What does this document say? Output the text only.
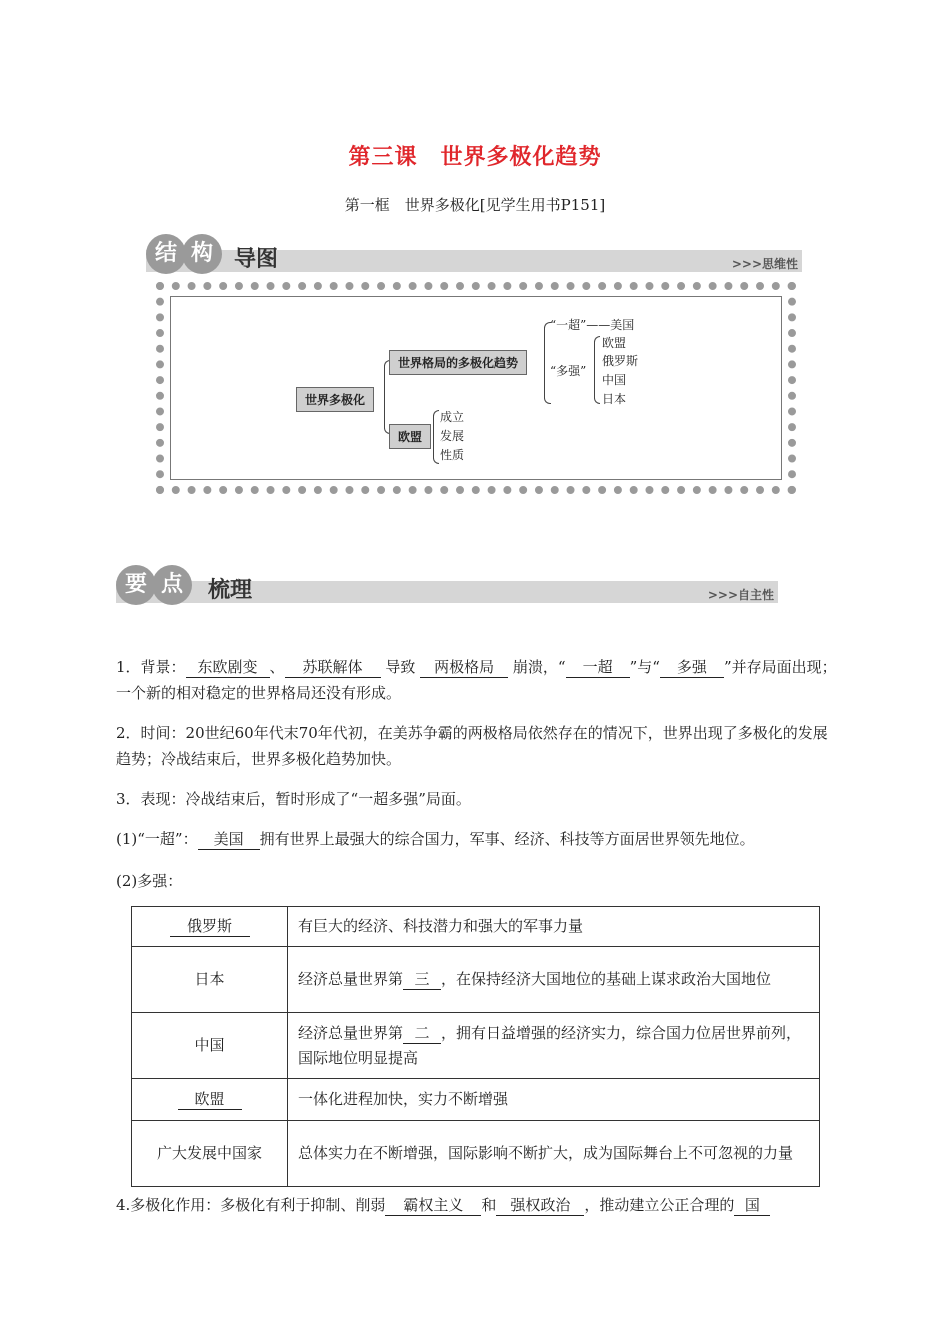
第三课　世界多极化趋势
第一框　世界多极化[见学生用书P151]
结 构 导图	>>>思维性
世界多极化
世界格局的多极化趋势
欧盟
“一超”——美国
“多强”
欧盟
俄罗斯
中国
日本
成立
发展
性质
要 点	梳理	>>>自主性
1．背景： 东欧剧变 、 苏联解体 导致 两极格局 崩溃，“ 一超 ”与“ 多强 ”并存局面出现；一个新的相对稳定的世界格局还没有形成。
2．时间：20世纪60年代末70年代初，在美苏争霸的两极格局依然存在的情况下，世界出现了多极化的发展趋势；冷战结束后，世界多极化趋势加快。
3．表现：冷战结束后，暂时形成了“一超多强”局面。
(1)“一超”： 美国 拥有世界上最强大的综合国力，军事、经济、科技等方面居世界领先地位。
(2)多强：
俄罗斯	有巨大的经济、科技潜力和强大的军事力量
日本	经济总量世界第 三 ，在保持经济大国地位的基础上谋求政治大国地位
中国	经济总量世界第 二 ，拥有日益增强的经济实力，综合国力位居世界前列，国际地位明显提高
欧盟	一体化进程加快，实力不断增强
广大发展中国家	总体实力在不断增强，国际影响不断扩大，成为国际舞台上不可忽视的力量
4.多极化作用：多极化有利于抑制、削弱 霸权主义 和 强权政治 ，推动建立公正合理的 国
